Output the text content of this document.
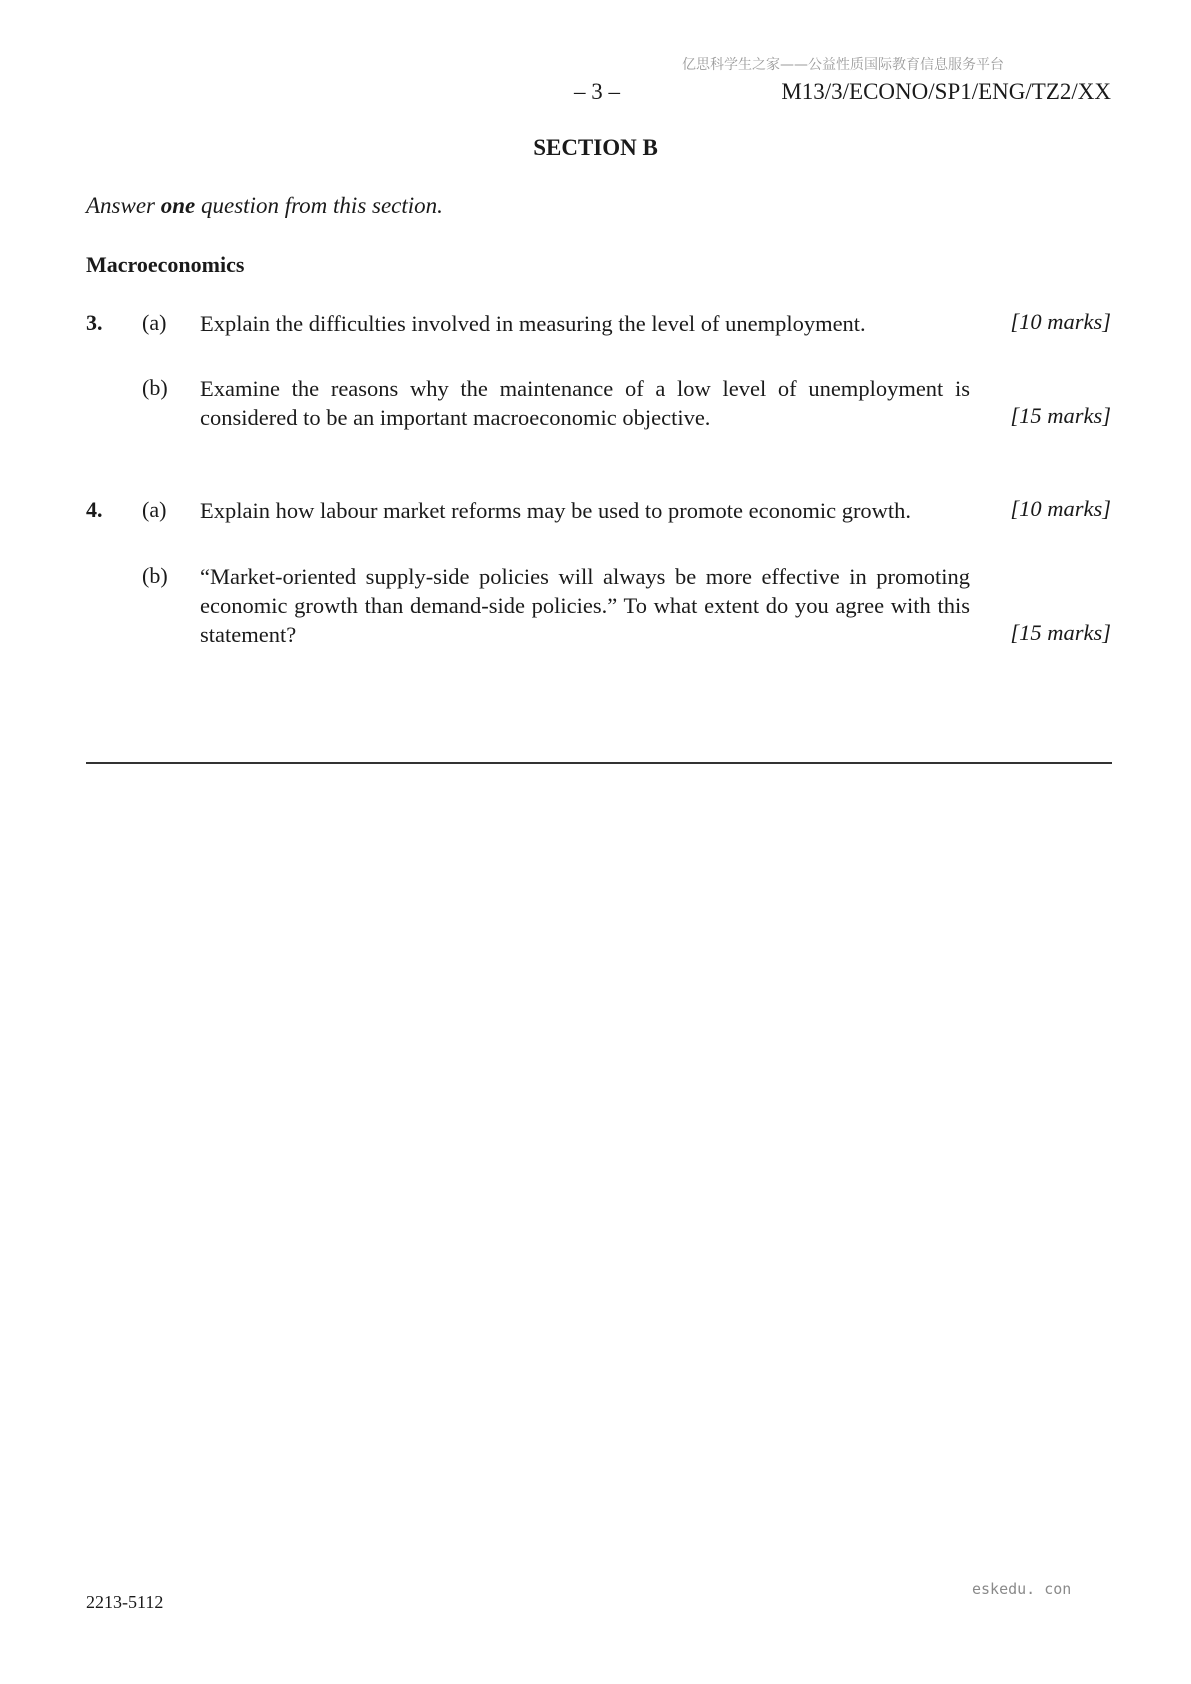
亿思科学生之家——公益性质国际教育信息服务平台
– 3 –	M13/3/ECONO/SP1/ENG/TZ2/XX
SECTION B
Answer one question from this section.
Macroeconomics
3. (a) Explain the difficulties involved in measuring the level of unemployment.	[10 marks]
(b) Examine the reasons why the maintenance of a low level of unemployment is considered to be an important macroeconomic objective.	[15 marks]
4. (a) Explain how labour market reforms may be used to promote economic growth.	[10 marks]
(b) “Market-oriented supply-side policies will always be more effective in promoting economic growth than demand-side policies.” To what extent do you agree with this statement?	[15 marks]
2213-5112
eskedu. con
